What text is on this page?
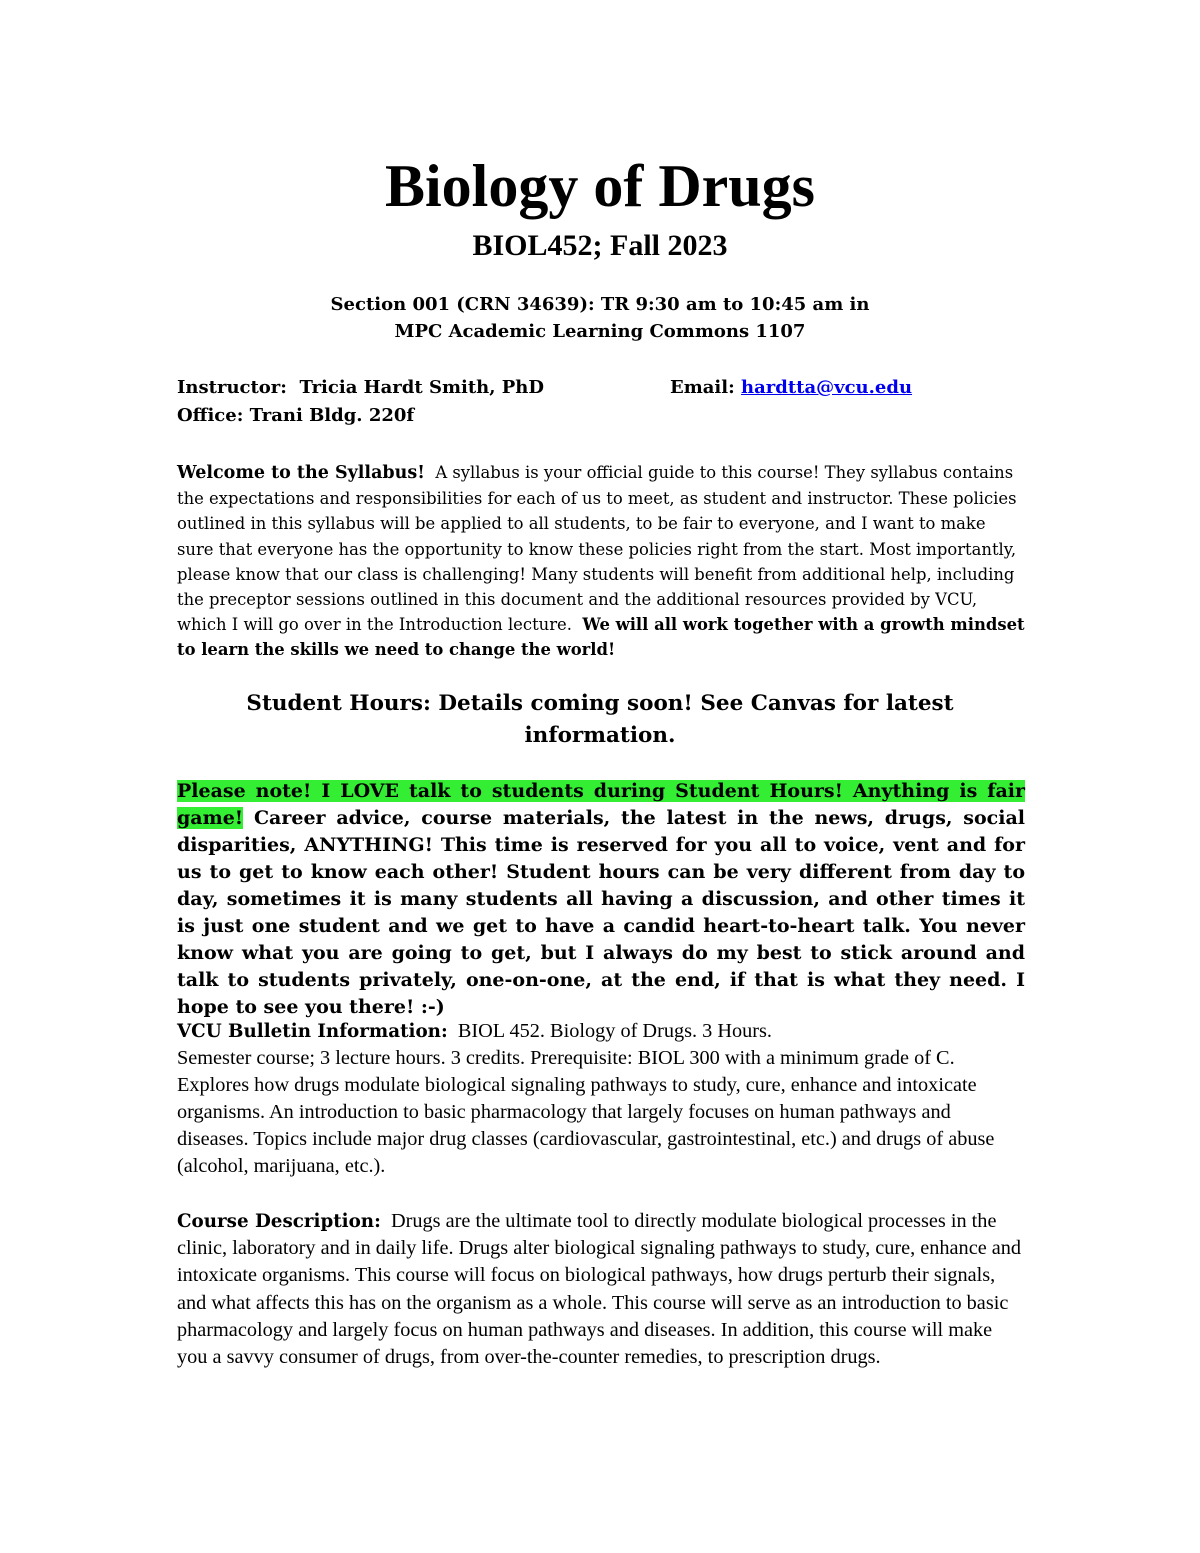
Biology of Drugs
BIOL452; Fall 2023

Section 001 (CRN 34639): TR 9:30 am to 10:45 am in

MPC Academic Learning Commons 1107

Instructor: Tricia Hardt Smith, PhD	Email: hardtta@vcu.edu
Office: Trani Bldg. 220f

Welcome to the Syllabus! A syllabus is your official guide to this course! They syllabus contains the expectations and responsibilities for each of us to meet, as student and instructor. These policies outlined in this syllabus will be applied to all students, to be fair to everyone, and I want to make sure that everyone has the opportunity to know these policies right from the start. Most importantly, please know that our class is challenging! Many students will benefit from additional help, including the preceptor sessions outlined in this document and the additional resources provided by VCU, which I will go over in the Introduction lecture. We will all work together with a growth mindset to learn the skills we need to change the world!

Student Hours: Details coming soon! See Canvas for latest information.

Please note! I LOVE talk to students during Student Hours! Anything is fair game! Career advice, course materials, the latest in the news, drugs, social disparities, ANYTHING! This time is reserved for you all to voice, vent and for us to get to know each other! Student hours can be very different from day to day, sometimes it is many students all having a discussion, and other times it is just one student and we get to have a candid heart-to-heart talk. You never know what you are going to get, but I always do my best to stick around and talk to students privately, one-on-one, at the end, if that is what they need. I hope to see you there! :-)

VCU Bulletin Information: BIOL 452. Biology of Drugs. 3 Hours.
Semester course; 3 lecture hours. 3 credits. Prerequisite: BIOL 300 with a minimum grade of C. Explores how drugs modulate biological signaling pathways to study, cure, enhance and intoxicate organisms. An introduction to basic pharmacology that largely focuses on human pathways and diseases. Topics include major drug classes (cardiovascular, gastrointestinal, etc.) and drugs of abuse (alcohol, marijuana, etc.).

Course Description: Drugs are the ultimate tool to directly modulate biological processes in the clinic, laboratory and in daily life. Drugs alter biological signaling pathways to study, cure, enhance and intoxicate organisms. This course will focus on biological pathways, how drugs perturb their signals, and what affects this has on the organism as a whole. This course will serve as an introduction to basic pharmacology and largely focus on human pathways and diseases. In addition, this course will make you a savvy consumer of drugs, from over-the-counter remedies, to prescription drugs.
